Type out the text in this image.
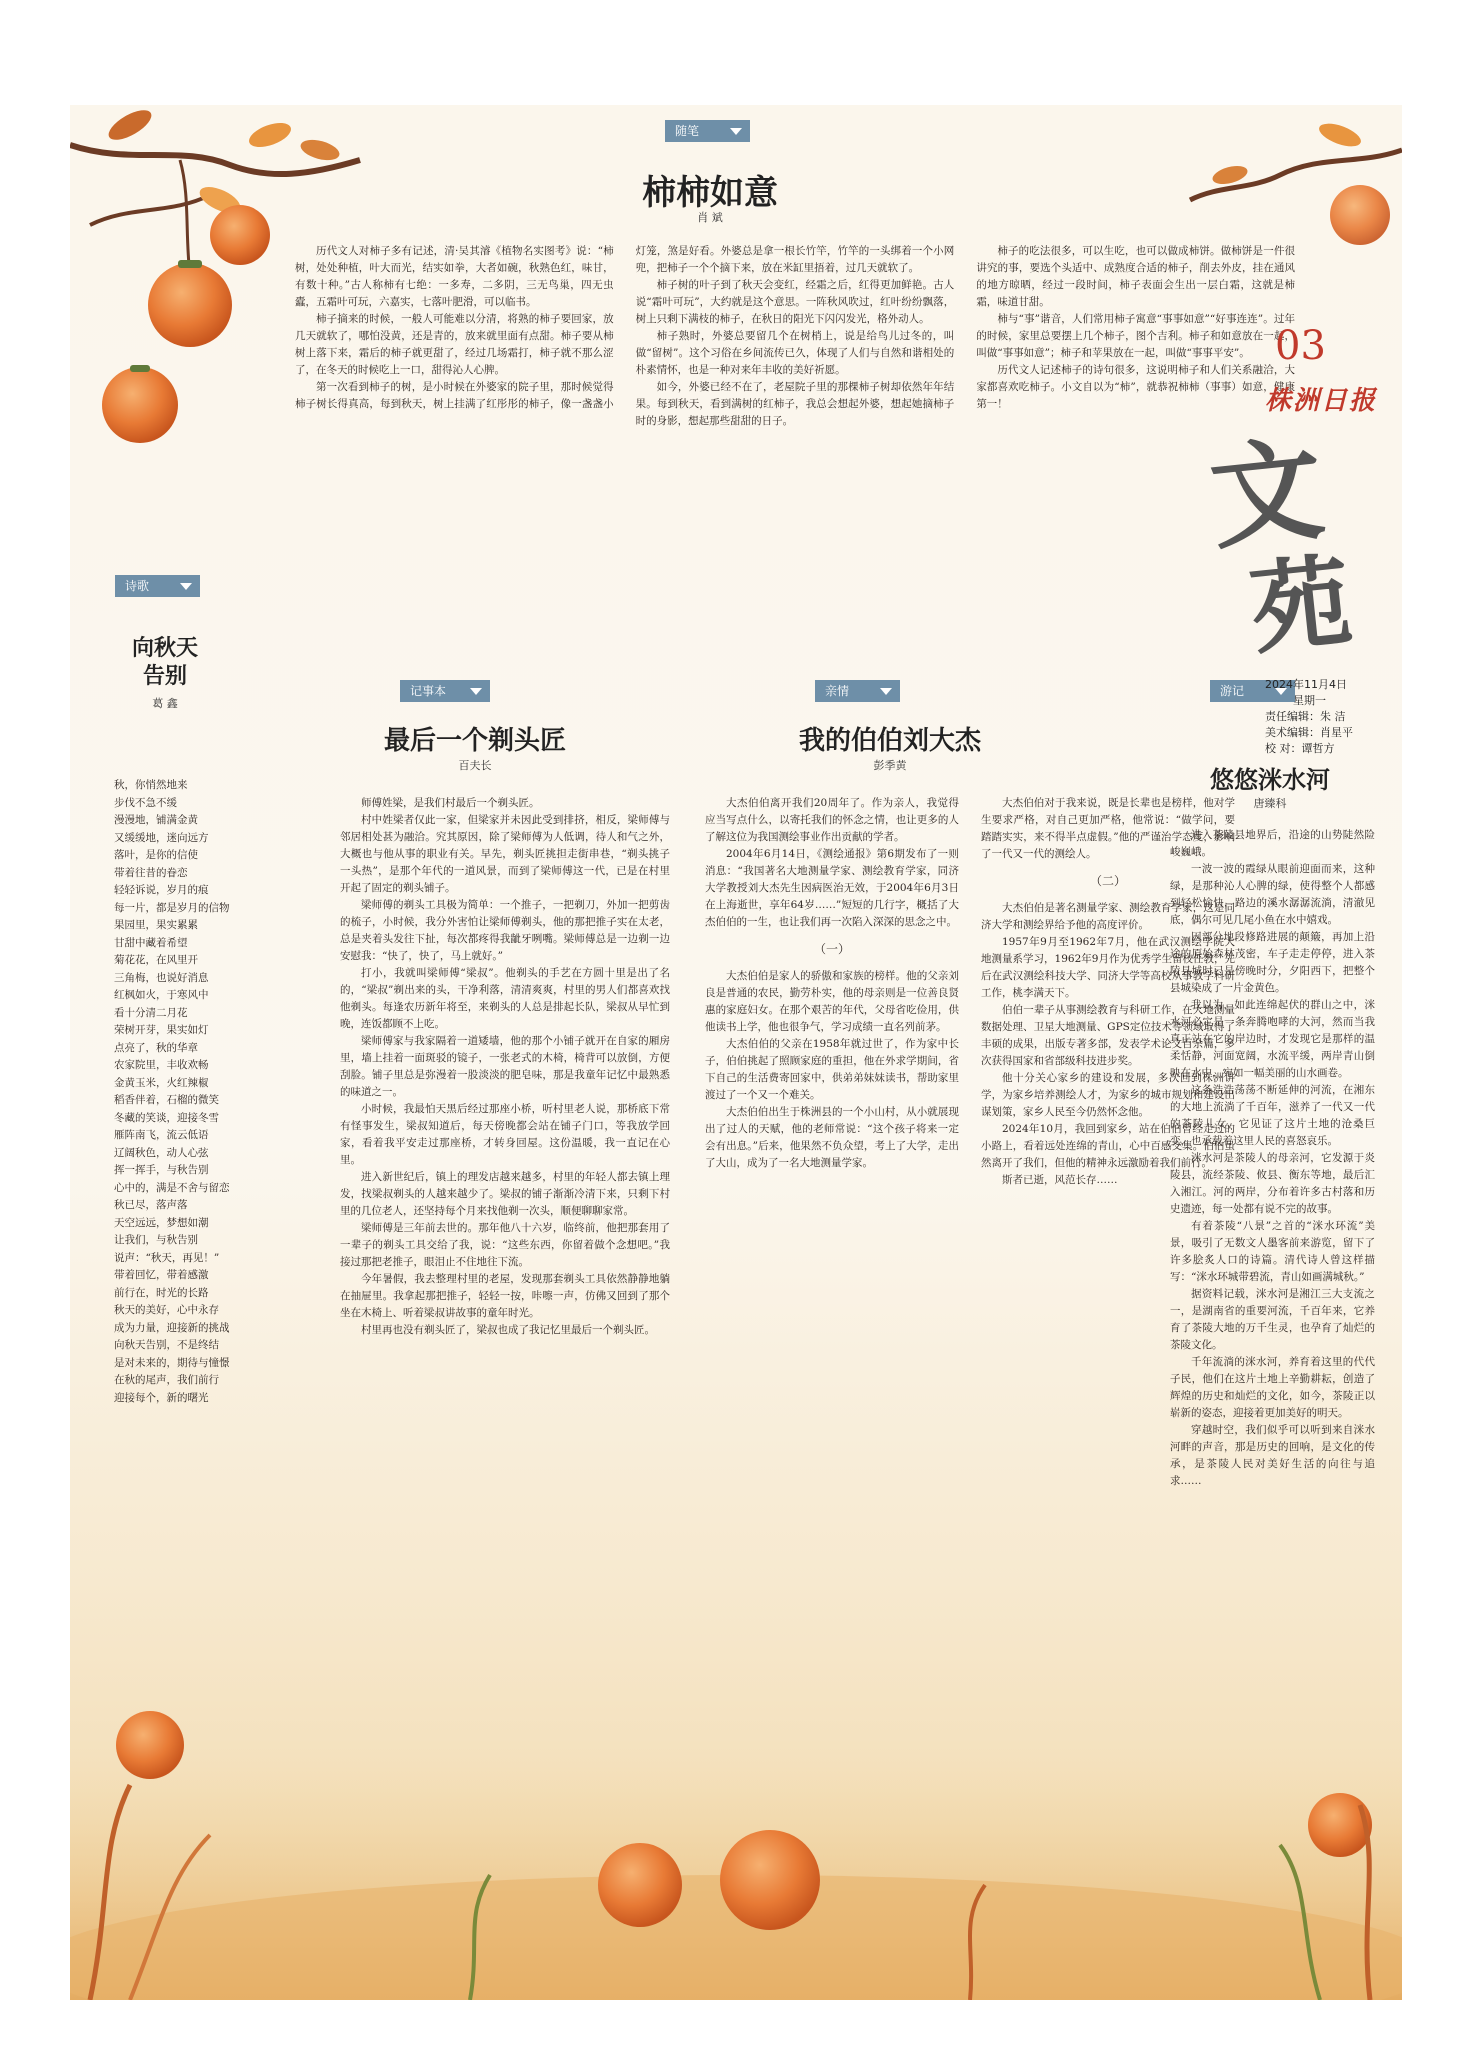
随笔
诗歌
记事本	亲情	游记
柿柿如意
肖 斌

历代文人对柿子多有记述，清·吴其濬《植物名实图考》说：“柿树，处处种植，叶大而光，结实如拳，大者如碗，秋熟色红，味甘，有数十种。”古人称柿有七绝：一多寿，二多阴，三无鸟巢，四无虫蠹，五霜叶可玩，六嘉实，七落叶肥滑，可以临书。

柿子摘来的时候，一般人可能难以分清，将熟的柿子要回家，放几天就软了，哪怕没黄，还是青的，放来就里面有点甜。柿子要从柿树上落下来，霜后的柿子就更甜了，经过几场霜打，柿子就不那么涩了，在冬天的时候吃上一口，甜得沁人心脾。

第一次看到柿子的树，是小时候在外婆家的院子里，那时候觉得柿子树长得真高，每到秋天，树上挂满了红彤彤的柿子，像一盏盏小灯笼，煞是好看。外婆总是拿一根长竹竿，竹竿的一头绑着一个小网兜，把柿子一个个摘下来，放在米缸里捂着，过几天就软了。

柿子树的叶子到了秋天会变红，经霜之后，红得更加鲜艳。古人说“霜叶可玩”，大约就是这个意思。一阵秋风吹过，红叶纷纷飘落，树上只剩下满枝的柿子，在秋日的阳光下闪闪发光，格外动人。

柿子熟时，外婆总要留几个在树梢上，说是给鸟儿过冬的，叫做“留树”。这个习俗在乡间流传已久，体现了人们与自然和谐相处的朴素情怀，也是一种对来年丰收的美好祈愿。

如今，外婆已经不在了，老屋院子里的那棵柿子树却依然年年结果。每到秋天，看到满树的红柿子，我总会想起外婆，想起她摘柿子时的身影，想起那些甜甜的日子。

柿子的吃法很多，可以生吃，也可以做成柿饼。做柿饼是一件很讲究的事，要选个头适中、成熟度合适的柿子，削去外皮，挂在通风的地方晾晒，经过一段时间，柿子表面会生出一层白霜，这就是柿霜，味道甘甜。

柿与“事”谐音，人们常用柿子寓意“事事如意”“好事连连”。过年的时候，家里总要摆上几个柿子，图个吉利。柿子和如意放在一起，叫做“事事如意”；柿子和苹果放在一起，叫做“事事平安”。

历代文人记述柿子的诗句很多，这说明柿子和人们关系融洽，大家都喜欢吃柿子。小文自以为“柿”，就恭祝柿柿（事事）如意，健康第一！

03
株洲日报
文
苑
2024年11月4日
星期一
责任编辑：朱 洁
美术编辑：肖星平
校 对：谭哲方
向秋天
告别
葛 鑫
秋，你悄然地来
步伐不急不缓
漫漫地，铺满金黄
又缓缓地，迷向远方
落叶，是你的信使
带着往昔的眷恋
轻轻诉说，岁月的痕
每一片，都是岁月的信物
果园里，果实累累
甘甜中藏着希望
菊花花，在风里开
三角梅，也说好消息
红枫如火，于寒风中
看十分清二月花
荣树开芽，果实如灯
点亮了，秋的华章
农家院里，丰收欢畅
金黄玉米，火红辣椒
稻香伴着，石榴的微笑
冬藏的笑谈，迎接冬雪
雁阵南飞，流云低语
辽阔秋色，动人心弦
挥一挥手，与秋告别
心中的，满是不舍与留恋
秋已尽，落声落
天空远远，梦想如潮
让我们，与秋告别
说声：“秋天，再见！”
带着回忆，带着感激
前行在，时光的长路
秋天的美好，心中永存
成为力量，迎接新的挑战
向秋天告别，不是终结
是对未来的，期待与憧憬
在秋的尾声，我们前行
迎接每个，新的曙光
最后一个剃头匠
百夫长

师傅姓梁，是我们村最后一个剃头匠。

村中姓梁者仅此一家，但梁家并未因此受到排挤，相反，梁师傅与邻居相处甚为融洽。究其原因，除了梁师傅为人低调，待人和气之外，大概也与他从事的职业有关。早先，剃头匠挑担走街串巷，“剃头挑子一头热”，是那个年代的一道风景，而到了梁师傅这一代，已是在村里开起了固定的剃头铺子。

梁师傅的剃头工具极为简单：一个推子，一把剃刀，外加一把剪齿的梳子，小时候，我分外害怕让梁师傅剃头，他的那把推子实在太老，总是夹着头发往下扯，每次都疼得我龇牙咧嘴。梁师傅总是一边剃一边安慰我：“快了，快了，马上就好。”

打小，我就叫梁师傅“梁叔”。他剃头的手艺在方圆十里是出了名的，“梁叔”剃出来的头，干净利落，清清爽爽，村里的男人们都喜欢找他剃头。每逢农历新年将至，来剃头的人总是排起长队，梁叔从早忙到晚，连饭都顾不上吃。

梁师傅家与我家隔着一道矮墙，他的那个小铺子就开在自家的厢房里，墙上挂着一面斑驳的镜子，一张老式的木椅，椅背可以放倒，方便刮脸。铺子里总是弥漫着一股淡淡的肥皂味，那是我童年记忆中最熟悉的味道之一。

小时候，我最怕天黑后经过那座小桥，听村里老人说，那桥底下常有怪事发生，梁叔知道后，每天傍晚都会站在铺子门口，等我放学回家，看着我平安走过那座桥，才转身回屋。这份温暖，我一直记在心里。

进入新世纪后，镇上的理发店越来越多，村里的年轻人都去镇上理发，找梁叔剃头的人越来越少了。梁叔的铺子渐渐冷清下来，只剩下村里的几位老人，还坚持每个月来找他剃一次头，顺便聊聊家常。

梁师傅是三年前去世的。那年他八十六岁，临终前，他把那套用了一辈子的剃头工具交给了我，说：“这些东西，你留着做个念想吧。”我接过那把老推子，眼泪止不住地往下流。

今年暑假，我去整理村里的老屋，发现那套剃头工具依然静静地躺在抽屉里。我拿起那把推子，轻轻一按，咔嚓一声，仿佛又回到了那个坐在木椅上、听着梁叔讲故事的童年时光。

村里再也没有剃头匠了，梁叔也成了我记忆里最后一个剃头匠。

我的伯伯刘大杰
彭季黄

大杰伯伯离开我们20周年了。作为亲人，我觉得应当写点什么，以寄托我们的怀念之情，也让更多的人了解这位为我国测绘事业作出贡献的学者。

2004年6月14日，《测绘通报》第6期发布了一则消息：“我国著名大地测量学家、测绘教育学家，同济大学教授刘大杰先生因病医治无效，于2004年6月3日在上海逝世，享年64岁……”短短的几行字，概括了大杰伯伯的一生，也让我们再一次陷入深深的思念之中。

（一）

大杰伯伯是家人的骄傲和家族的榜样。他的父亲刘良是普通的农民，勤劳朴实，他的母亲则是一位善良贤惠的家庭妇女。在那个艰苦的年代，父母省吃俭用，供他读书上学，他也很争气，学习成绩一直名列前茅。

大杰伯伯的父亲在1958年就过世了，作为家中长子，伯伯挑起了照顾家庭的重担，他在外求学期间，省下自己的生活费寄回家中，供弟弟妹妹读书，帮助家里渡过了一个又一个难关。

大杰伯伯出生于株洲县的一个小山村，从小就展现出了过人的天赋，他的老师常说：“这个孩子将来一定会有出息。”后来，他果然不负众望，考上了大学，走出了大山，成为了一名大地测量学家。

大杰伯伯对于我来说，既是长辈也是榜样，他对学生要求严格，对自己更加严格，他常说：“做学问，要踏踏实实，来不得半点虚假。”他的严谨治学态度，影响了一代又一代的测绘人。

（二）

大杰伯伯是著名测量学家、测绘教育学家，这是同济大学和测绘界给予他的高度评价。

1957年9月至1962年7月，他在武汉测绘学院大地测量系学习，1962年9月作为优秀学生留校任教，先后在武汉测绘科技大学、同济大学等高校从事教学科研工作，桃李满天下。

伯伯一辈子从事测绘教育与科研工作，在大地测量数据处理、卫星大地测量、GPS定位技术等领域取得了丰硕的成果，出版专著多部，发表学术论文百余篇，多次获得国家和省部级科技进步奖。

他十分关心家乡的建设和发展，多次回到株洲讲学，为家乡培养测绘人才，为家乡的城市规划和建设出谋划策，家乡人民至今仍然怀念他。

2024年10月，我回到家乡，站在伯伯曾经走过的小路上，看着远处连绵的青山，心中百感交集。伯伯虽然离开了我们，但他的精神永远激励着我们前行。

斯者已逝，风范长存……

悠悠洣水河
唐臻科

进入茶陵县地界后，沿途的山势陡然险峻巍峨。

一波一波的霞绿从眼前迎面而来，这种绿，是那种沁人心脾的绿，使得整个人都感到轻松愉快，路边的溪水潺潺流淌，清澈见底，偶尔可见几尾小鱼在水中嬉戏。

因部分地段修路进展的颠簸，再加上沿途的原始森林茂密，车子走走停停，进入茶陵县城时已是傍晚时分，夕阳西下，把整个县城染成了一片金黄色。

我以为，如此连绵起伏的群山之中，洣水河必定是一条奔腾咆哮的大河，然而当我真正站在它的岸边时，才发现它是那样的温柔恬静，河面宽阔，水流平缓，两岸青山倒映在水中，宛如一幅美丽的山水画卷。

这条浩浩荡荡不断延伸的河流，在湘东的大地上流淌了千百年，滋养了一代又一代的茶陵儿女，它见证了这片土地的沧桑巨变，也承载着这里人民的喜怒哀乐。

洣水河是茶陵人的母亲河，它发源于炎陵县，流经茶陵、攸县、衡东等地，最后汇入湘江。河的两岸，分布着许多古村落和历史遗迹，每一处都有说不完的故事。

有着茶陵“八景”之首的“洣水环流”美景，吸引了无数文人墨客前来游览，留下了许多脍炙人口的诗篇。清代诗人曾这样描写：“洣水环城带碧流，青山如画满城秋。”

据资料记载，洣水河是湘江三大支流之一，是湖南省的重要河流，千百年来，它养育了茶陵大地的万千生灵，也孕育了灿烂的茶陵文化。

千年流淌的洣水河，养育着这里的代代子民，他们在这片土地上辛勤耕耘，创造了辉煌的历史和灿烂的文化，如今，茶陵正以崭新的姿态，迎接着更加美好的明天。

穿越时空，我们似乎可以听到来自洣水河畔的声音，那是历史的回响，是文化的传承，是茶陵人民对美好生活的向往与追求……
